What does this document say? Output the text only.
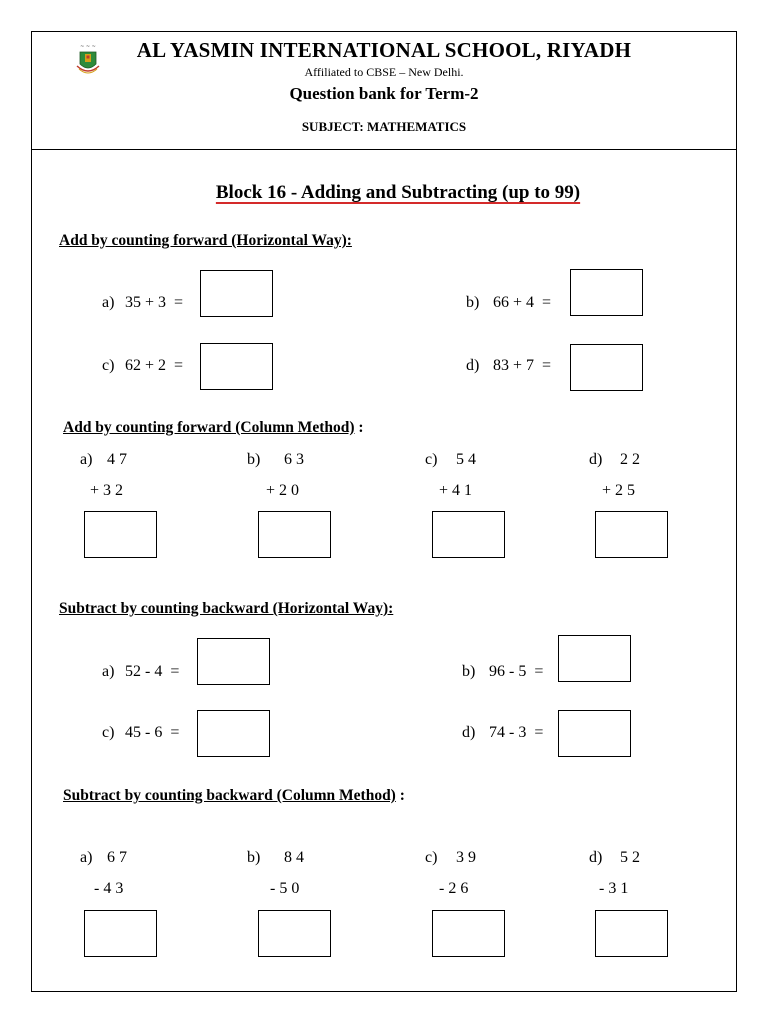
~ ~ ~	AL YASMIN INTERNATIONAL SCHOOL, RIYADH
Affiliated to CBSE – New Delhi.
Question bank for Term-2
SUBJECT: MATHEMATICS
Block 16 - Adding and Subtracting (up to 99)
Add by counting forward (Horizontal Way):
a) 35 + 3  =	b) 66 + 4  =
c) 62 + 2  =	d) 83 + 7  =
Add by counting forward (Column Method) :
a) 4 7
+ 3 2
b) 6 3
+ 2 0
c) 5 4
+ 4 1
d) 2 2
+ 2 5
Subtract by counting backward (Horizontal Way):
a) 52 - 4  =	b) 96 - 5  =
c) 45 - 6  =	d) 74 - 3  =
Subtract by counting backward (Column Method) :
a) 6 7
- 4 3
b) 8 4
- 5 0
c) 3 9
- 2 6
d) 5 2
- 3 1
